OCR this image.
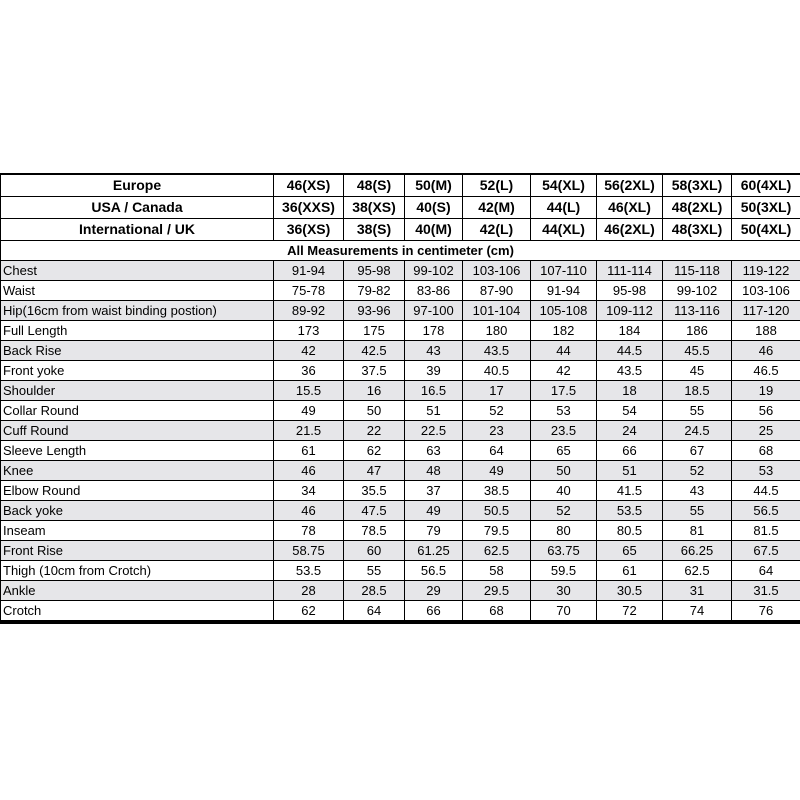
Europe	46(XS)	48(S)	50(M)	52(L)	54(XL)	56(2XL)	58(3XL)	60(4XL)
USA / Canada	36(XXS)	38(XS)	40(S)	42(M)	44(L)	46(XL)	48(2XL)	50(3XL)
International / UK	36(XS)	38(S)	40(M)	42(L)	44(XL)	46(2XL)	48(3XL)	50(4XL)
All Measurements in centimeter (cm)								
Chest	91-94	95-98	99-102	103-106	107-110	111-114	115-118	119-122
Waist	75-78	79-82	83-86	87-90	91-94	95-98	99-102	103-106
Hip(16cm from waist binding postion)	89-92	93-96	97-100	101-104	105-108	109-112	113-116	117-120
Full Length	173	175	178	180	182	184	186	188
Back Rise	42	42.5	43	43.5	44	44.5	45.5	46
Front yoke	36	37.5	39	40.5	42	43.5	45	46.5
Shoulder	15.5	16	16.5	17	17.5	18	18.5	19
Collar Round	49	50	51	52	53	54	55	56
Cuff Round	21.5	22	22.5	23	23.5	24	24.5	25
Sleeve Length	61	62	63	64	65	66	67	68
Knee	46	47	48	49	50	51	52	53
Elbow Round	34	35.5	37	38.5	40	41.5	43	44.5
Back yoke	46	47.5	49	50.5	52	53.5	55	56.5
Inseam	78	78.5	79	79.5	80	80.5	81	81.5
Front Rise	58.75	60	61.25	62.5	63.75	65	66.25	67.5
Thigh (10cm from Crotch)	53.5	55	56.5	58	59.5	61	62.5	64
Ankle	28	28.5	29	29.5	30	30.5	31	31.5
Crotch	62	64	66	68	70	72	74	76
